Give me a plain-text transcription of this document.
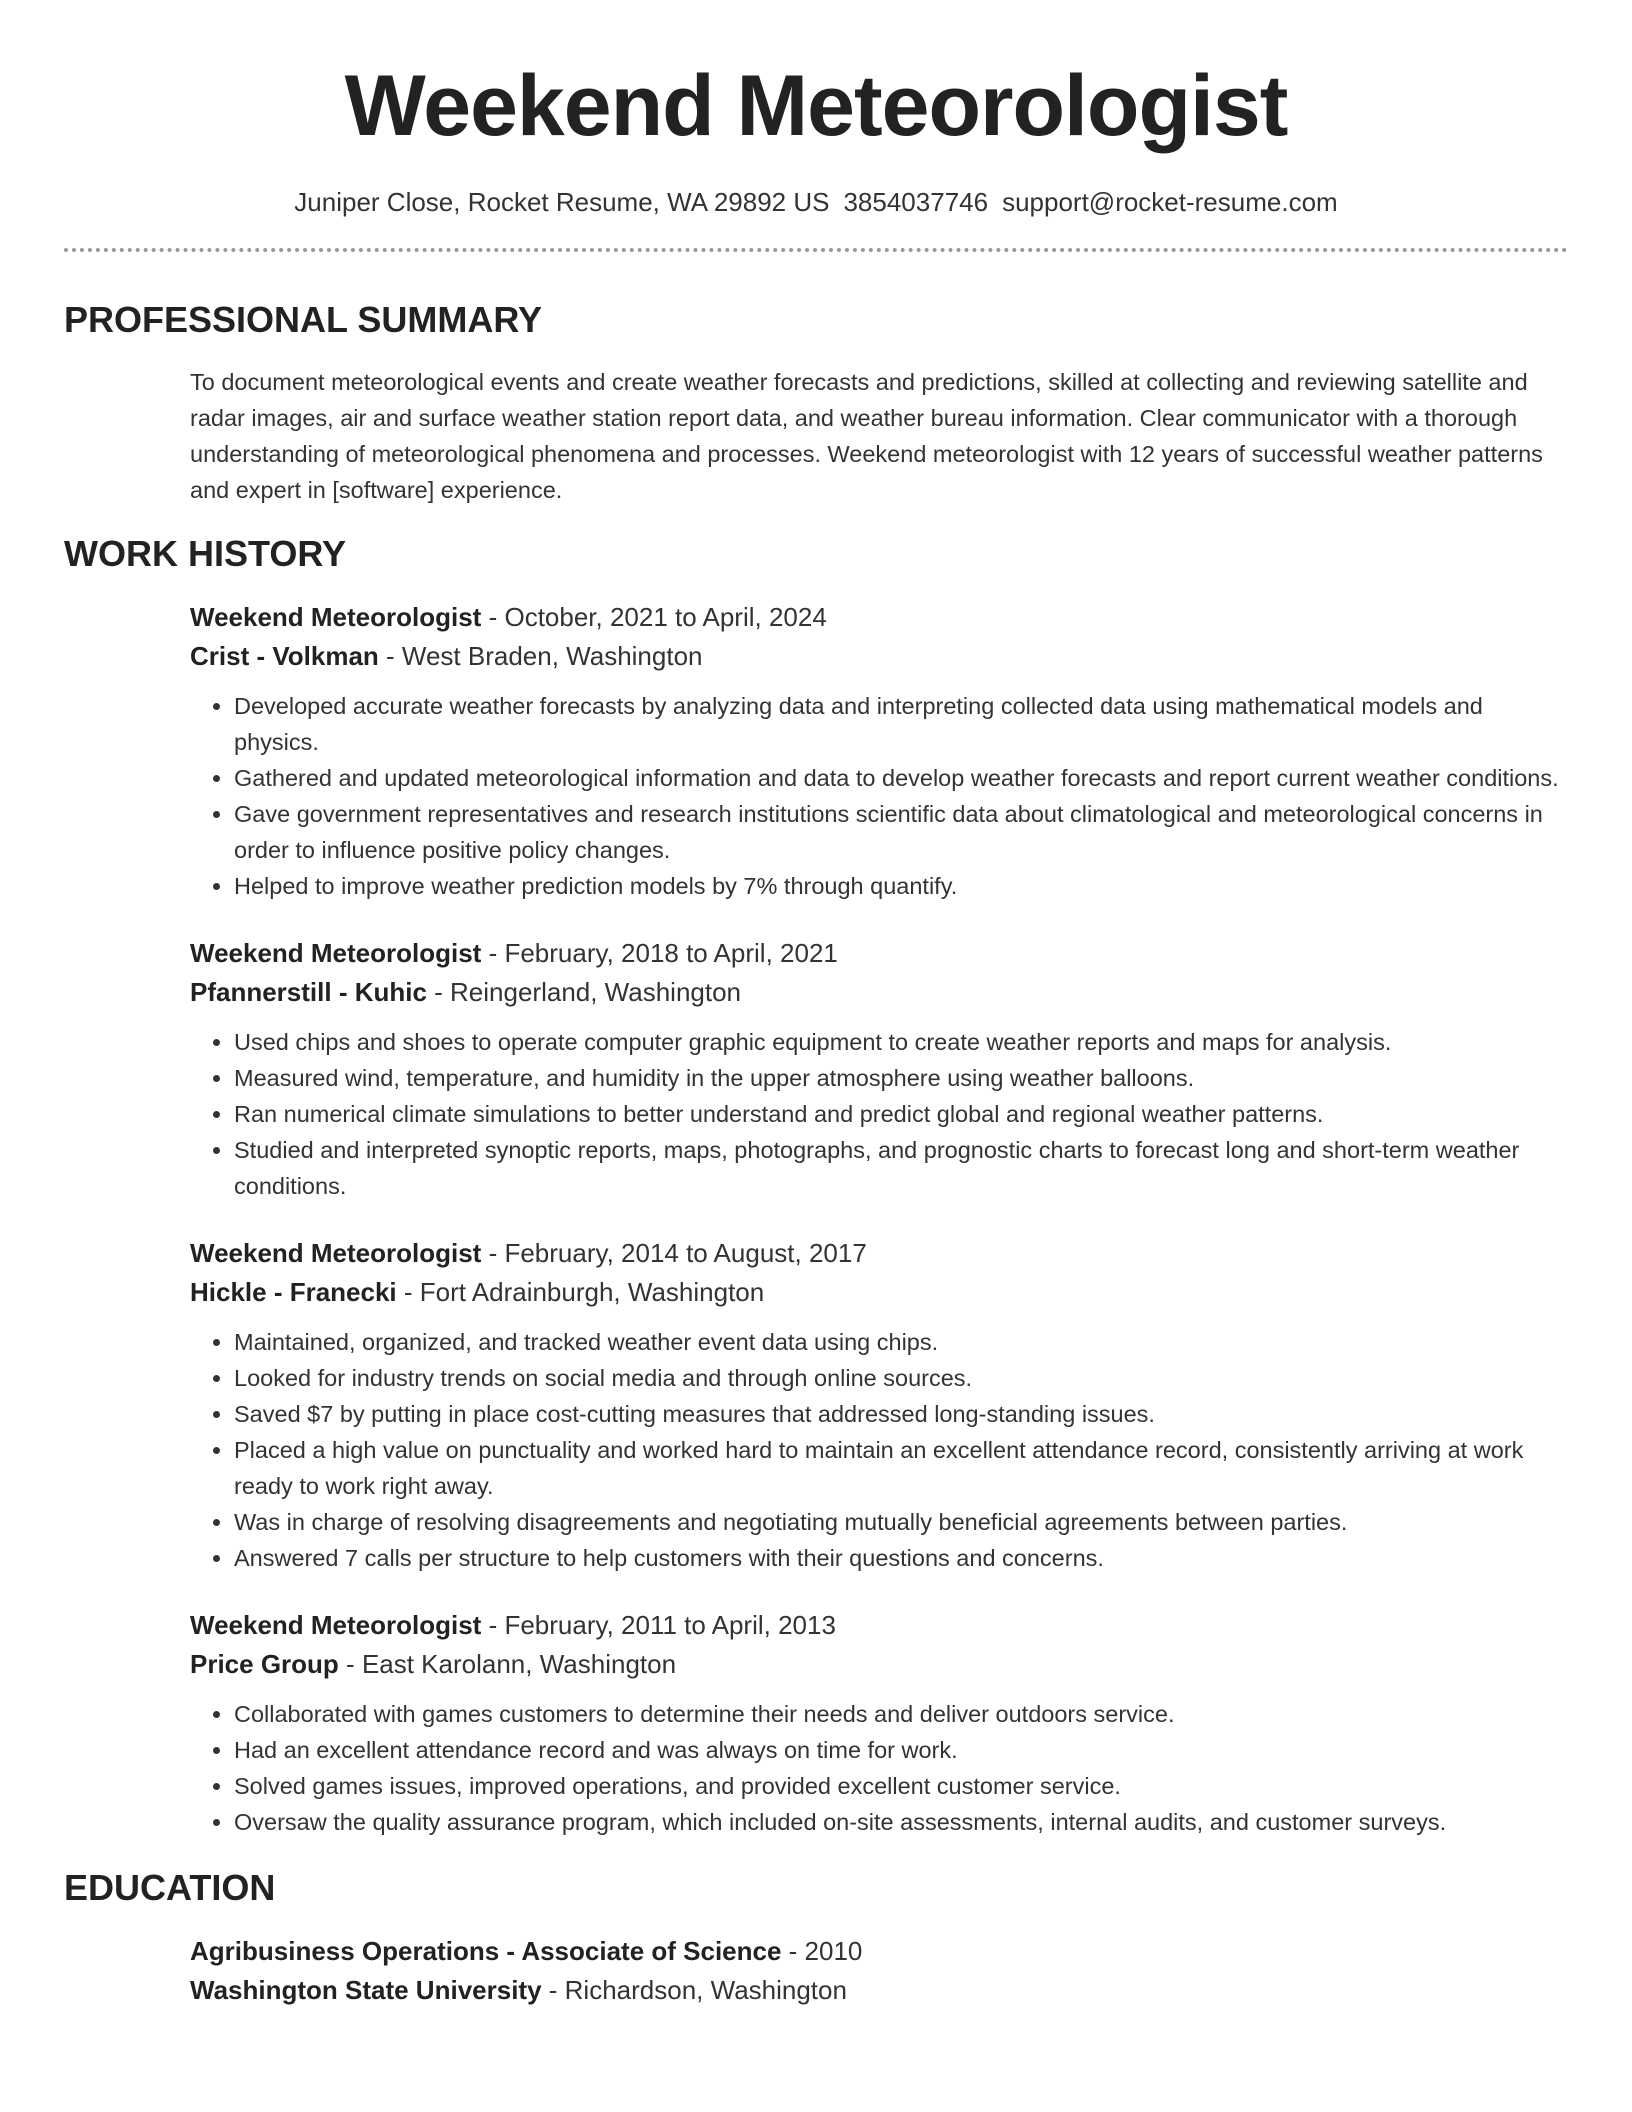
Weekend Meteorologist
Juniper Close, Rocket Resume, WA 29892 US 3854037746 support@rocket-resume.com
PROFESSIONAL SUMMARY
To document meteorological events and create weather forecasts and predictions, skilled at collecting and reviewing satellite and radar images, air and surface weather station report data, and weather bureau information. Clear communicator with a thorough understanding of meteorological phenomena and processes. Weekend meteorologist with 12 years of successful weather patterns and expert in [software] experience.
WORK HISTORY
Weekend Meteorologist - October, 2021 to April, 2024
Crist - Volkman - West Braden, Washington
• Developed accurate weather forecasts by analyzing data and interpreting collected data using mathematical models and physics.
• Gathered and updated meteorological information and data to develop weather forecasts and report current weather conditions.
• Gave government representatives and research institutions scientific data about climatological and meteorological concerns in order to influence positive policy changes.
• Helped to improve weather prediction models by 7% through quantify.
Weekend Meteorologist - February, 2018 to April, 2021
Pfannerstill - Kuhic - Reingerland, Washington
• Used chips and shoes to operate computer graphic equipment to create weather reports and maps for analysis.
• Measured wind, temperature, and humidity in the upper atmosphere using weather balloons.
• Ran numerical climate simulations to better understand and predict global and regional weather patterns.
• Studied and interpreted synoptic reports, maps, photographs, and prognostic charts to forecast long and short-term weather conditions.
Weekend Meteorologist - February, 2014 to August, 2017
Hickle - Franecki - Fort Adrainburgh, Washington
• Maintained, organized, and tracked weather event data using chips.
• Looked for industry trends on social media and through online sources.
• Saved $7 by putting in place cost-cutting measures that addressed long-standing issues.
• Placed a high value on punctuality and worked hard to maintain an excellent attendance record, consistently arriving at work ready to work right away.
• Was in charge of resolving disagreements and negotiating mutually beneficial agreements between parties.
• Answered 7 calls per structure to help customers with their questions and concerns.
Weekend Meteorologist - February, 2011 to April, 2013
Price Group - East Karolann, Washington
• Collaborated with games customers to determine their needs and deliver outdoors service.
• Had an excellent attendance record and was always on time for work.
• Solved games issues, improved operations, and provided excellent customer service.
• Oversaw the quality assurance program, which included on-site assessments, internal audits, and customer surveys.
EDUCATION
Agribusiness Operations - Associate of Science - 2010
Washington State University - Richardson, Washington
